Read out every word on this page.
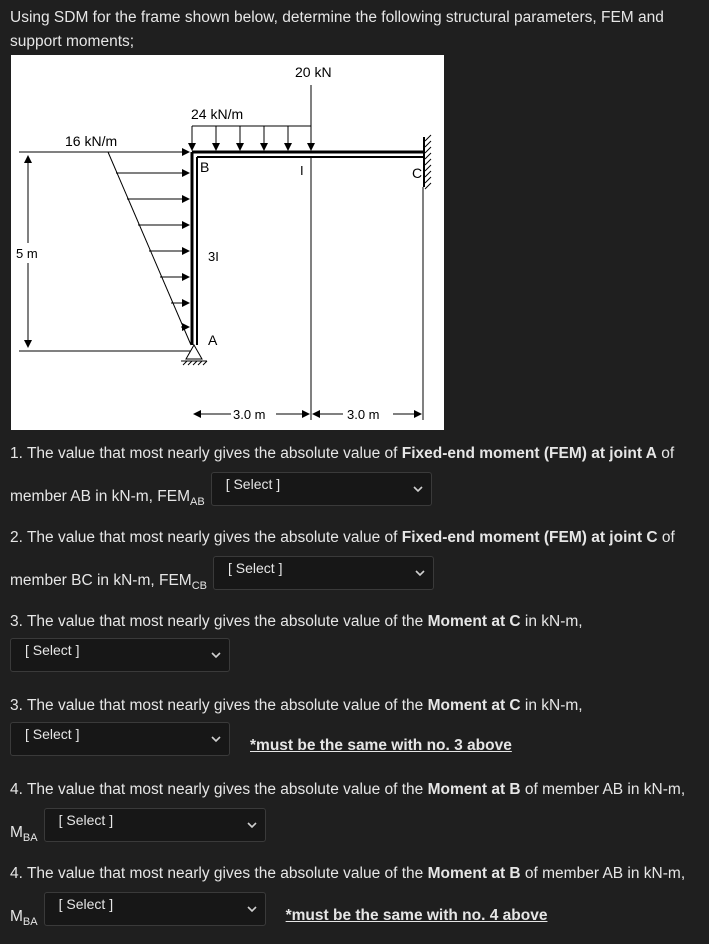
Using SDM for the frame shown below, determine the following structural parameters, FEM and support moments;
20 kN
24 kN/m
16 kN/m
5 m
B	C
A
I
3I
3.0 m	3.0 m
1. The value that most nearly gives the absolute value of Fixed-end moment (FEM) at joint A of
member AB in kN-m, $FEM_{AB}$
[ Select ]
2. The value that most nearly gives the absolute value of Fixed-end moment (FEM) at joint C of
member BC in kN-m, $FEM_{CB}$
[ Select ]
3. The value that most nearly gives the absolute value of the Moment at C in kN-m,
[ Select ]
3. The value that most nearly gives the absolute value of the Moment at C in kN-m,
[ Select ]
*must be the same with no. 3 above
4. The value that most nearly gives the absolute value of the Moment at B of member AB in kN-m,
$M_{BA}$
[ Select ]
4. The value that most nearly gives the absolute value of the Moment at B of member AB in kN-m,
$M_{BA}$
[ Select ]
*must be the same with no. 4 above
